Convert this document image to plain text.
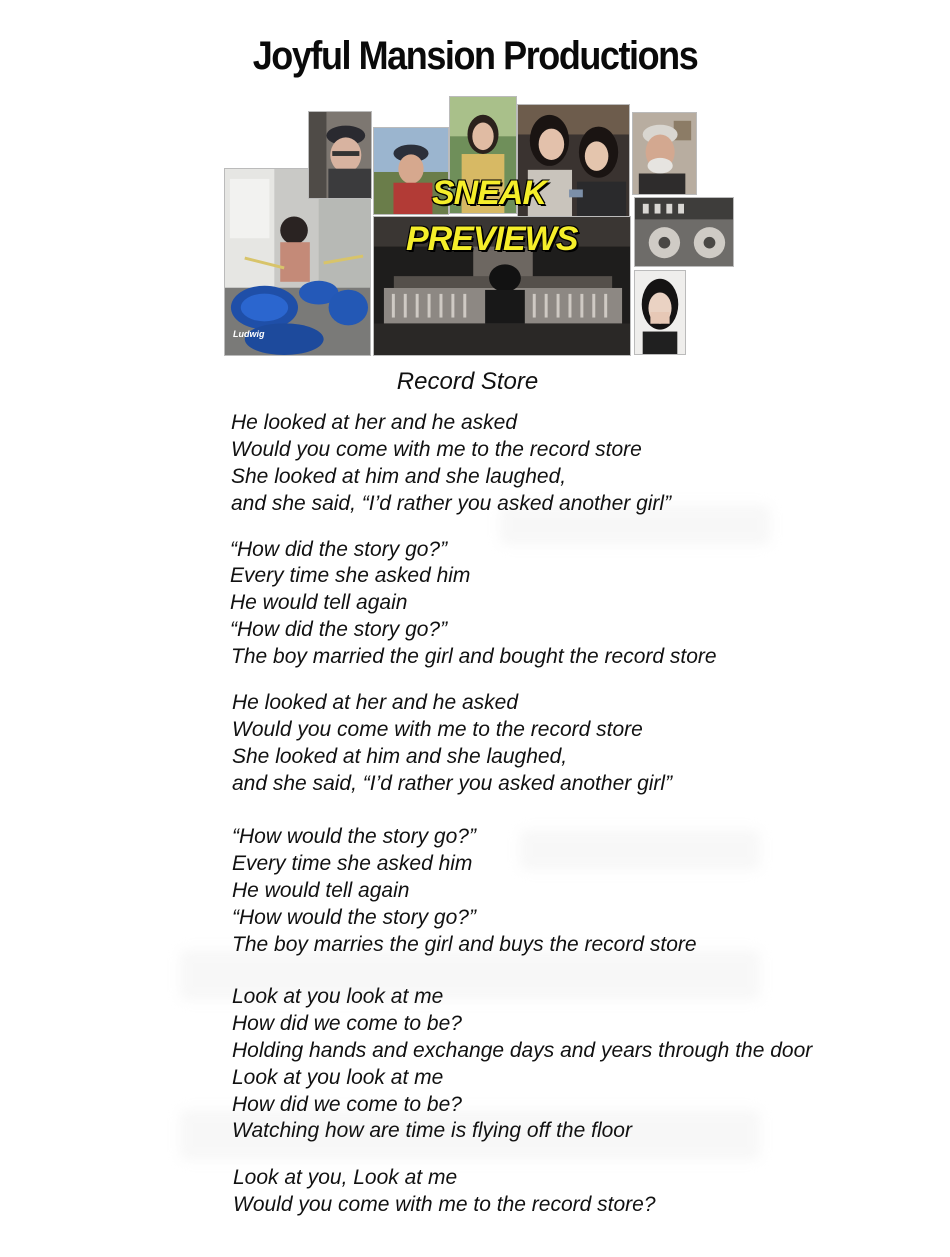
Joyful Mansion Productions
Ludwig
SNEAK
PREVIEWS
Record Store
He looked at her and he asked
Would you come with me to the record store
She looked at him and she laughed,
and she said, “I’d rather you asked another girl”
“How did the story go?”
Every time she asked him
He would tell again
“How did the story go?”
The boy married the girl and bought the record store
He looked at her and he asked
Would you come with me to the record store
She looked at him and she laughed,
and she said, “I’d rather you asked another girl”
“How would the story go?”
Every time she asked him
He would tell again
“How would the story go?”
The boy marries the girl and buys the record store
Look at you look at me
How did we come to be?
Holding hands and exchange days and years through the door
Look at you look at me
How did we come to be?
Watching how are time is flying off the floor
Look at you, Look at me
Would you come with me to the record store?
